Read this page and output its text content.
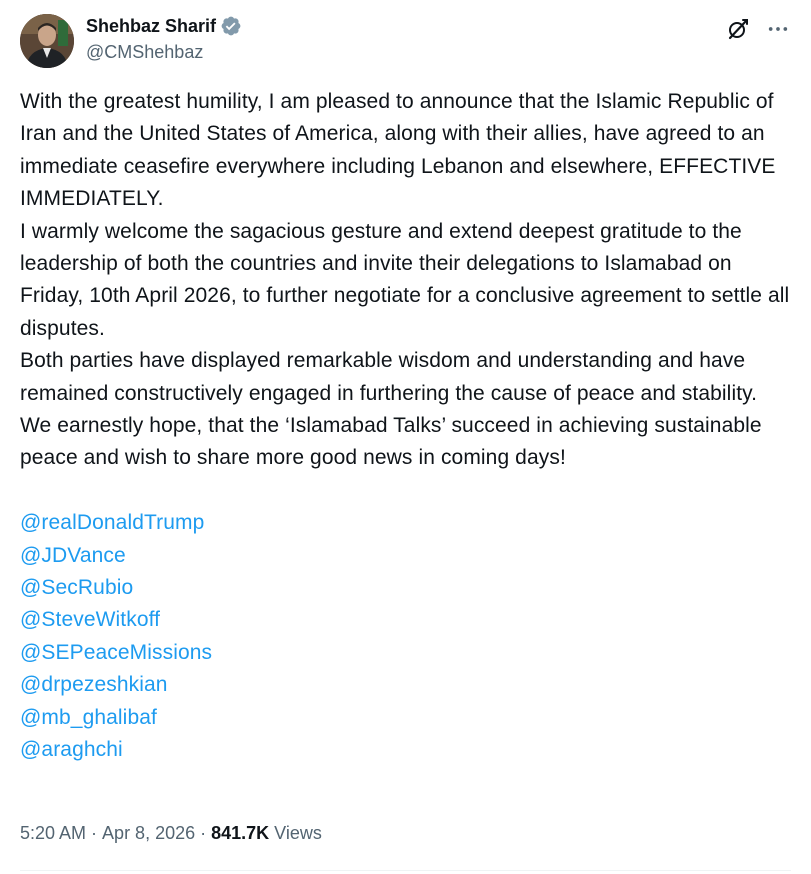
Shehbaz Sharif
@CMShehbaz

With the greatest humility, I am pleased to announce that the Islamic Republic of Iran and the United States of America, along with their allies, have agreed to an immediate ceasefire everywhere including Lebanon and elsewhere, EFFECTIVE IMMEDIATELY.

I warmly welcome the sagacious gesture and extend deepest gratitude to the leadership of both the countries and invite their delegations to Islamabad on Friday, 10th April 2026, to further negotiate for a conclusive agreement to settle all disputes.

Both parties have displayed remarkable wisdom and understanding and have remained constructively engaged in furthering the cause of peace and stability. We earnestly hope, that the ‘Islamabad Talks’ succeed in achieving sustainable peace and wish to share more good news in coming days!

@realDonaldTrump
@JDVance
@SecRubio
@SteveWitkoff
@SEPeaceMissions
@drpezeshkian
@mb_ghalibaf
@araghchi
5:20 AM · Apr 8, 2026 · 841.7K Views
